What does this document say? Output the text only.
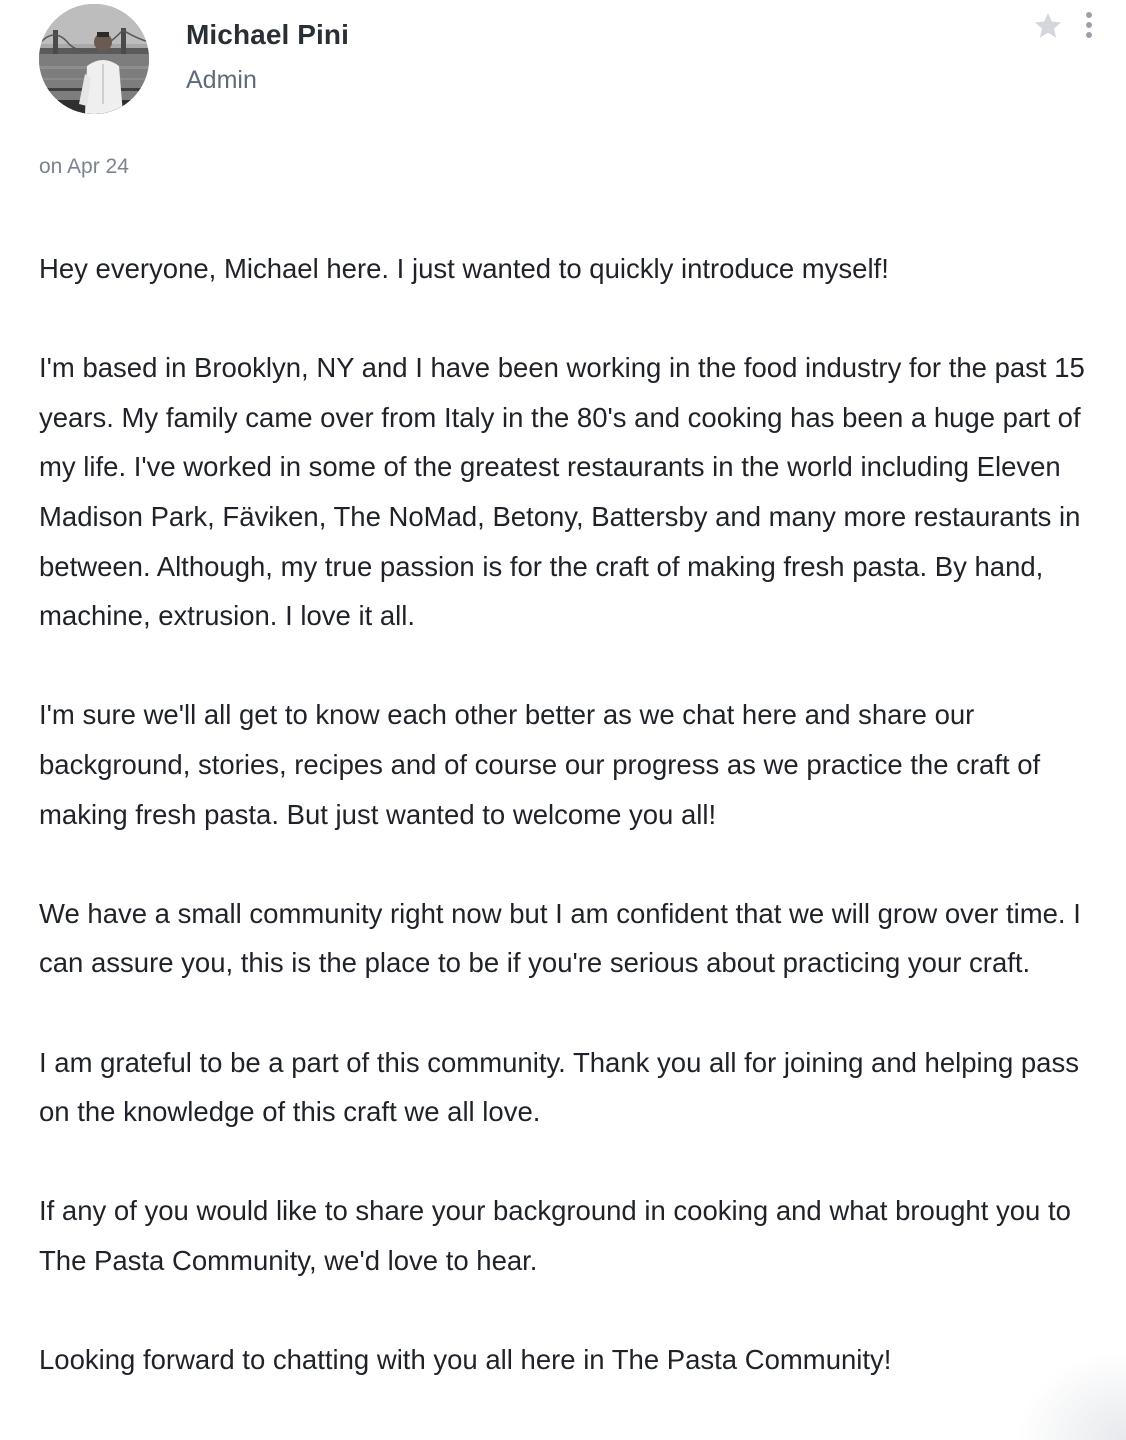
Michael Pini
Admin
on Apr 24

Hey everyone, Michael here. I just wanted to quickly introduce myself!

I'm based in Brooklyn, NY and I have been working in the food industry for the past 15 years. My family came over from Italy in the 80's and cooking has been a huge part of my life. I've worked in some of the greatest restaurants in the world including Eleven Madison Park, Fäviken, The NoMad, Betony, Battersby and many more restaurants in between. Although, my true passion is for the craft of making fresh pasta. By hand, machine, extrusion. I love it all.

I'm sure we'll all get to know each other better as we chat here and share our background, stories, recipes and of course our progress as we practice the craft of making fresh pasta. But just wanted to welcome you all!

We have a small community right now but I am confident that we will grow over time. I can assure you, this is the place to be if you're serious about practicing your craft.

I am grateful to be a part of this community. Thank you all for joining and helping pass on the knowledge of this craft we all love.

If any of you would like to share your background in cooking and what brought you to The Pasta Community, we'd love to hear.

Looking forward to chatting with you all here in The Pasta Community!
